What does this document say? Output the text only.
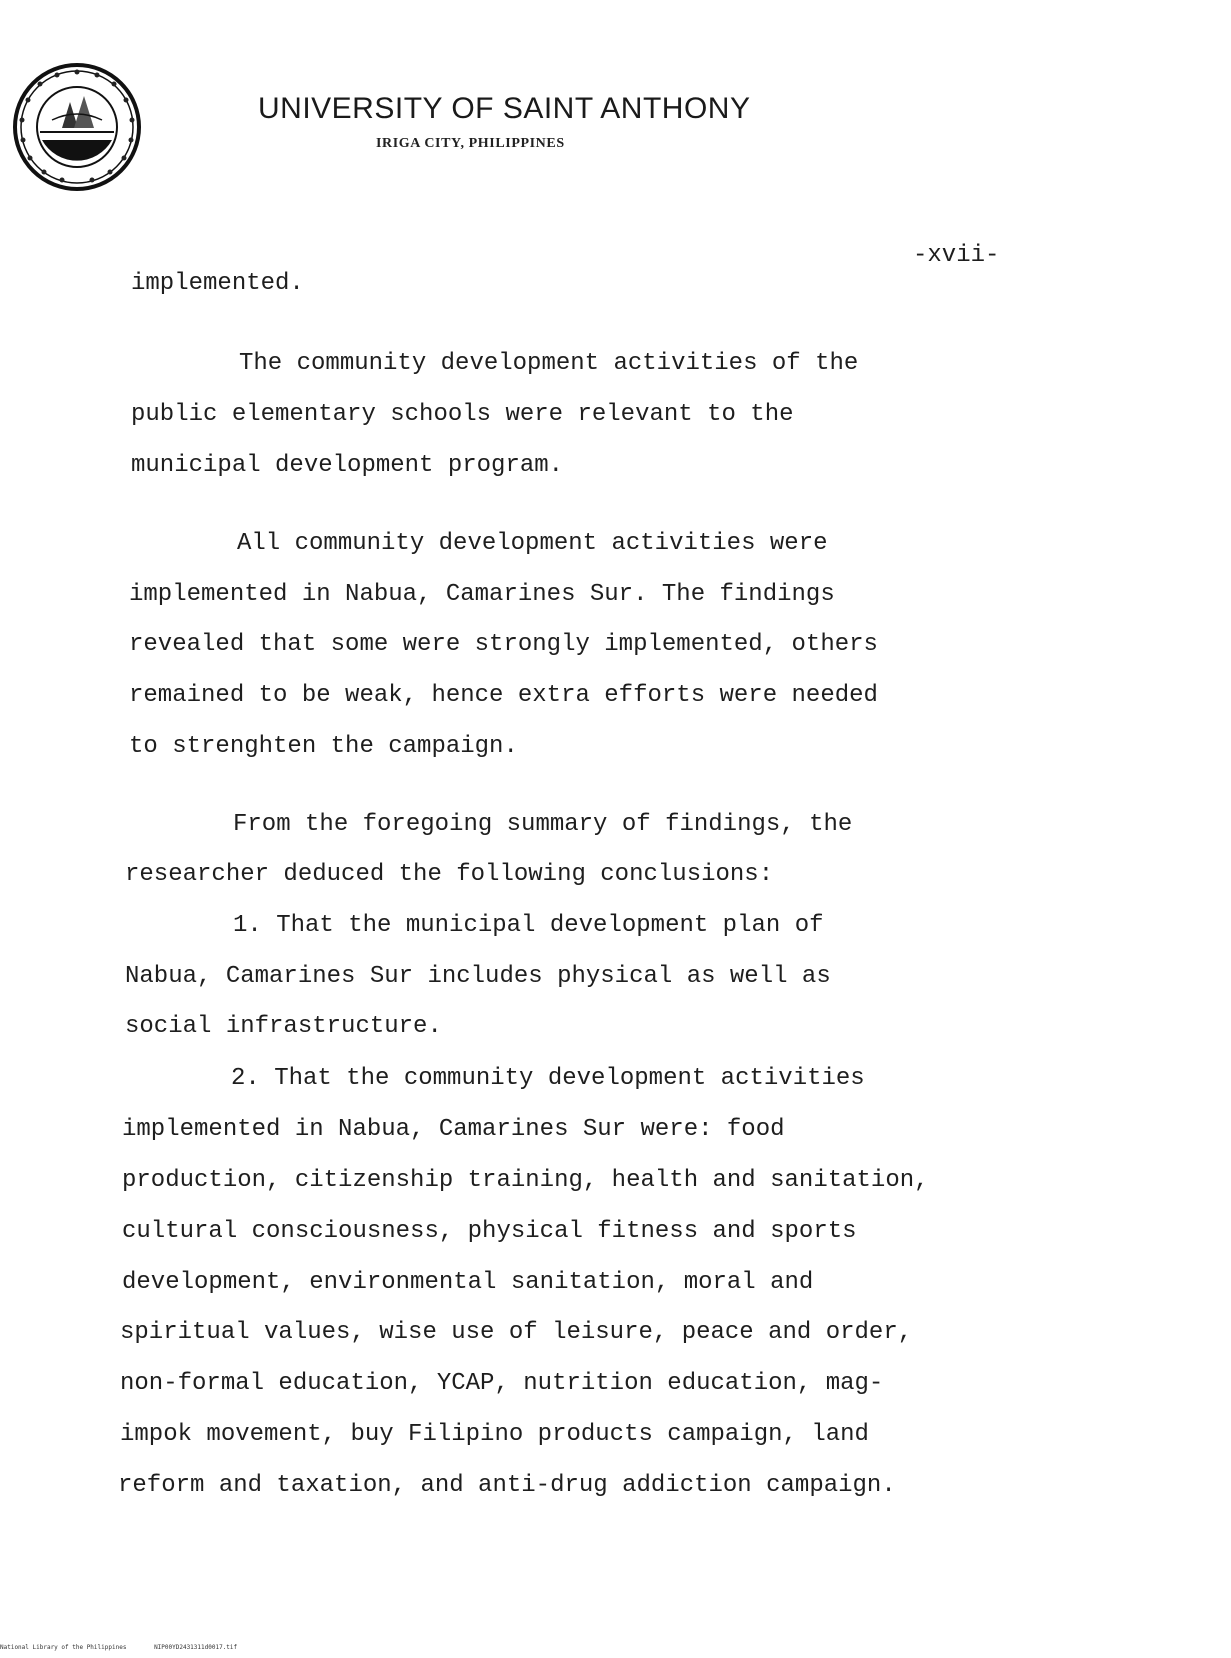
UNIVERSITY OF SAINT ANTHONY
IRIGA CITY, PHILIPPINES
-xvii-
implemented.
The community development activities of the
public elementary schools were relevant to the
municipal development program.
All community development activities were
implemented in Nabua, Camarines Sur. The findings
revealed that some were strongly implemented, others
remained to be weak, hence extra efforts were needed
to strenghten the campaign.
From the foregoing summary of findings, the
researcher deduced the following conclusions:
1. That the municipal development plan of
Nabua, Camarines Sur includes physical as well as
social infrastructure.
2. That the community development activities
implemented in Nabua, Camarines Sur were: food
production, citizenship training, health and sanitation,
cultural consciousness, physical fitness and sports
development, environmental sanitation, moral and
spiritual values, wise use of leisure, peace and order,
non-formal education, YCAP, nutrition education, mag-
impok movement, buy Filipino products campaign, land
reform and taxation, and anti-drug addiction campaign.
National Library of the Philippines	NIP00YD2431311d0017.tif
